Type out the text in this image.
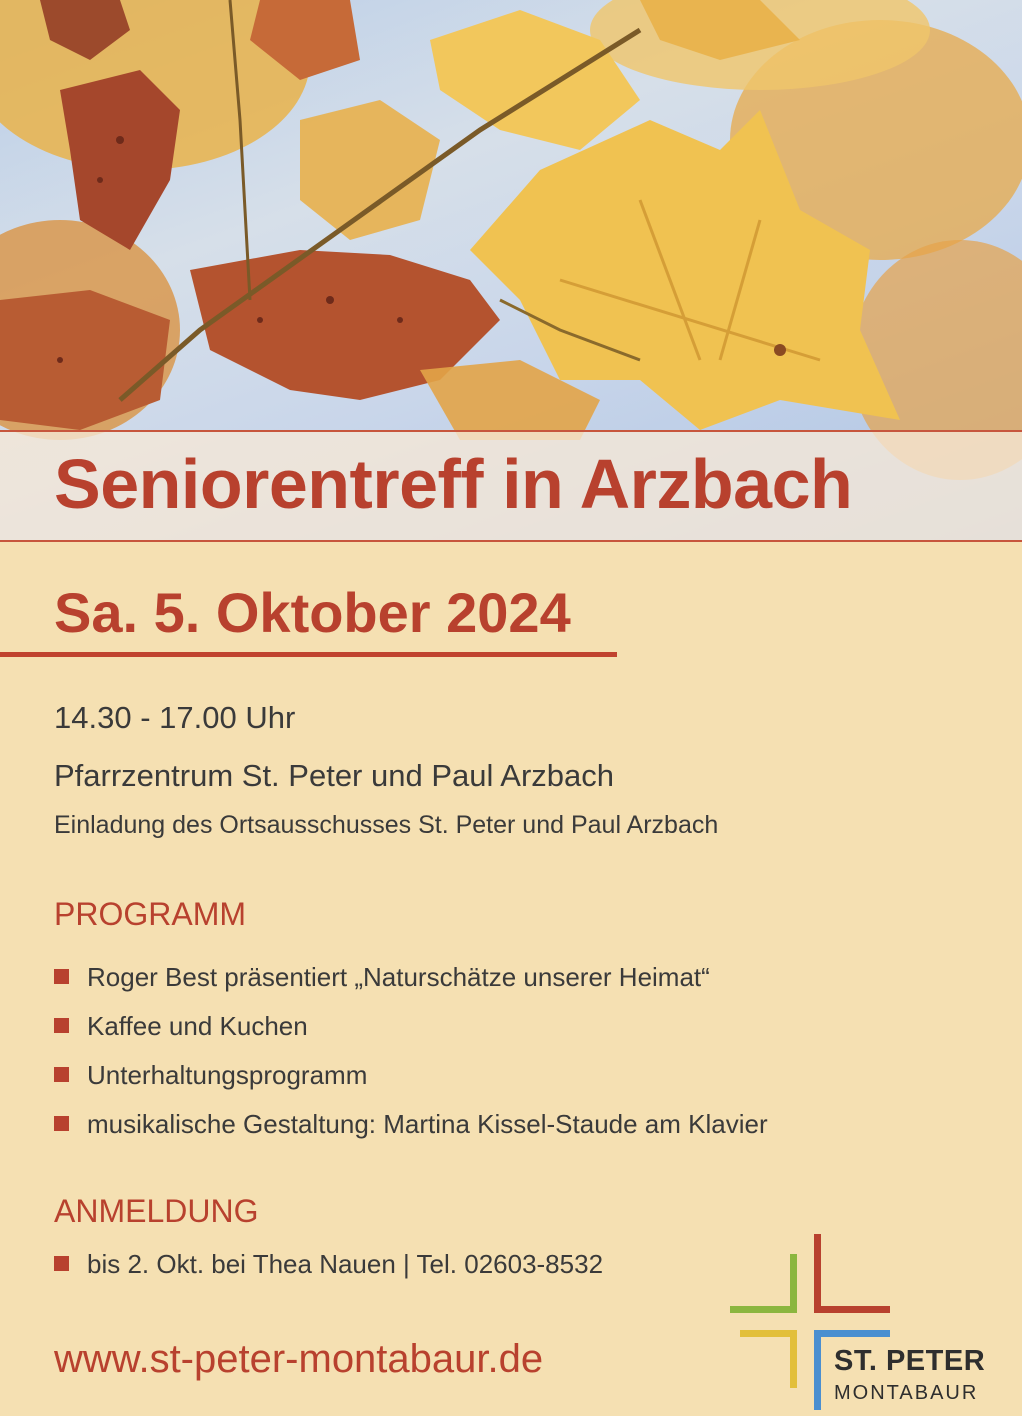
Seniorentreff in Arzbach
Sa. 5. Oktober 2024
14.30 - 17.00 Uhr
Pfarrzentrum St. Peter und Paul Arzbach
Einladung des Ortsausschusses St. Peter und Paul Arzbach
PROGRAMM
Roger Best präsentiert „Naturschätze unserer Heimat“
Kaffee und Kuchen
Unterhaltungsprogramm
musikalische Gestaltung: Martina Kissel-Staude am Klavier
ANMELDUNG
bis 2. Okt. bei Thea Nauen | Tel. 02603-8532
www.st-peter-montabaur.de	ST. PETER
MONTABAUR
